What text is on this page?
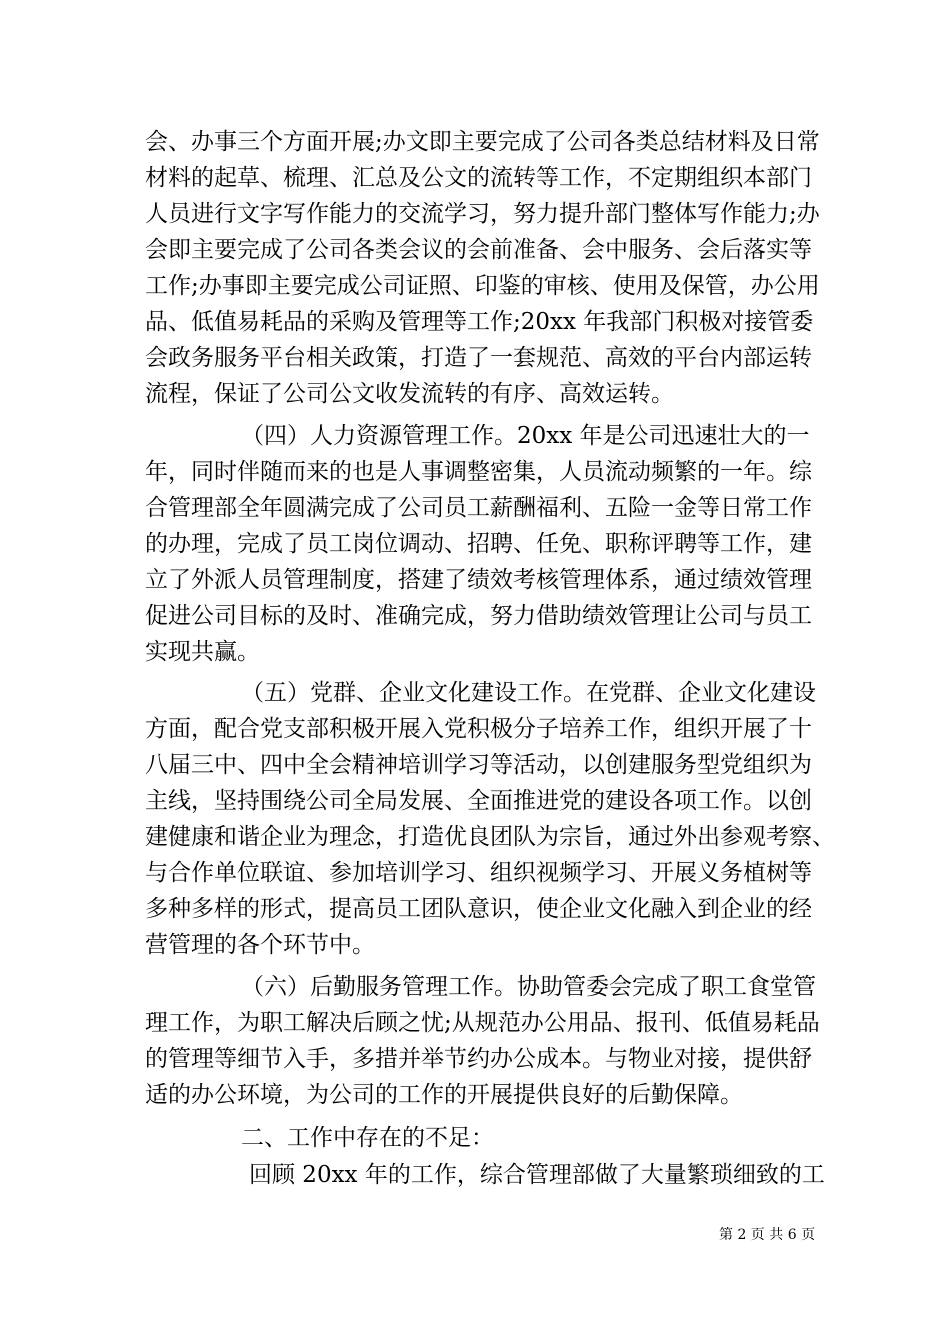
会、办事三个方面开展;办文即主要完成了公司各类总结材料及日常
材料的起草、梳理、汇总及公文的流转等工作，不定期组织本部门
人员进行文字写作能力的交流学习，努力提升部门整体写作能力;办
会即主要完成了公司各类会议的会前准备、会中服务、会后落实等
工作;办事即主要完成公司证照、印鉴的审核、使用及保管，办公用
品、低值易耗品的采购及管理等工作;20xx 年我部门积极对接管委
会政务服务平台相关政策，打造了一套规范、高效的平台内部运转
流程，保证了公司公文收发流转的有序、高效运转。
（四）人力资源管理工作。20xx 年是公司迅速壮大的一
年，同时伴随而来的也是人事调整密集，人员流动频繁的一年。综
合管理部全年圆满完成了公司员工薪酬福利、五险一金等日常工作
的办理，完成了员工岗位调动、招聘、任免、职称评聘等工作，建
立了外派人员管理制度，搭建了绩效考核管理体系，通过绩效管理
促进公司目标的及时、准确完成，努力借助绩效管理让公司与员工
实现共赢。
（五）党群、企业文化建设工作。在党群、企业文化建设
方面，配合党支部积极开展入党积极分子培养工作，组织开展了十
八届三中、四中全会精神培训学习等活动，以创建服务型党组织为
主线，坚持围绕公司全局发展、全面推进党的建设各项工作。以创
建健康和谐企业为理念，打造优良团队为宗旨，通过外出参观考察、
与合作单位联谊、参加培训学习、组织视频学习、开展义务植树等
多种多样的形式，提高员工团队意识，使企业文化融入到企业的经
营管理的各个环节中。
（六）后勤服务管理工作。协助管委会完成了职工食堂管
理工作，为职工解决后顾之忧;从规范办公用品、报刊、低值易耗品
的管理等细节入手，多措并举节约办公成本。与物业对接，提供舒
适的办公环境，为公司的工作的开展提供良好的后勤保障。
二、工作中存在的不足：
回顾 20xx 年的工作，综合管理部做了大量繁琐细致的工
第 2 页 共 6 页
